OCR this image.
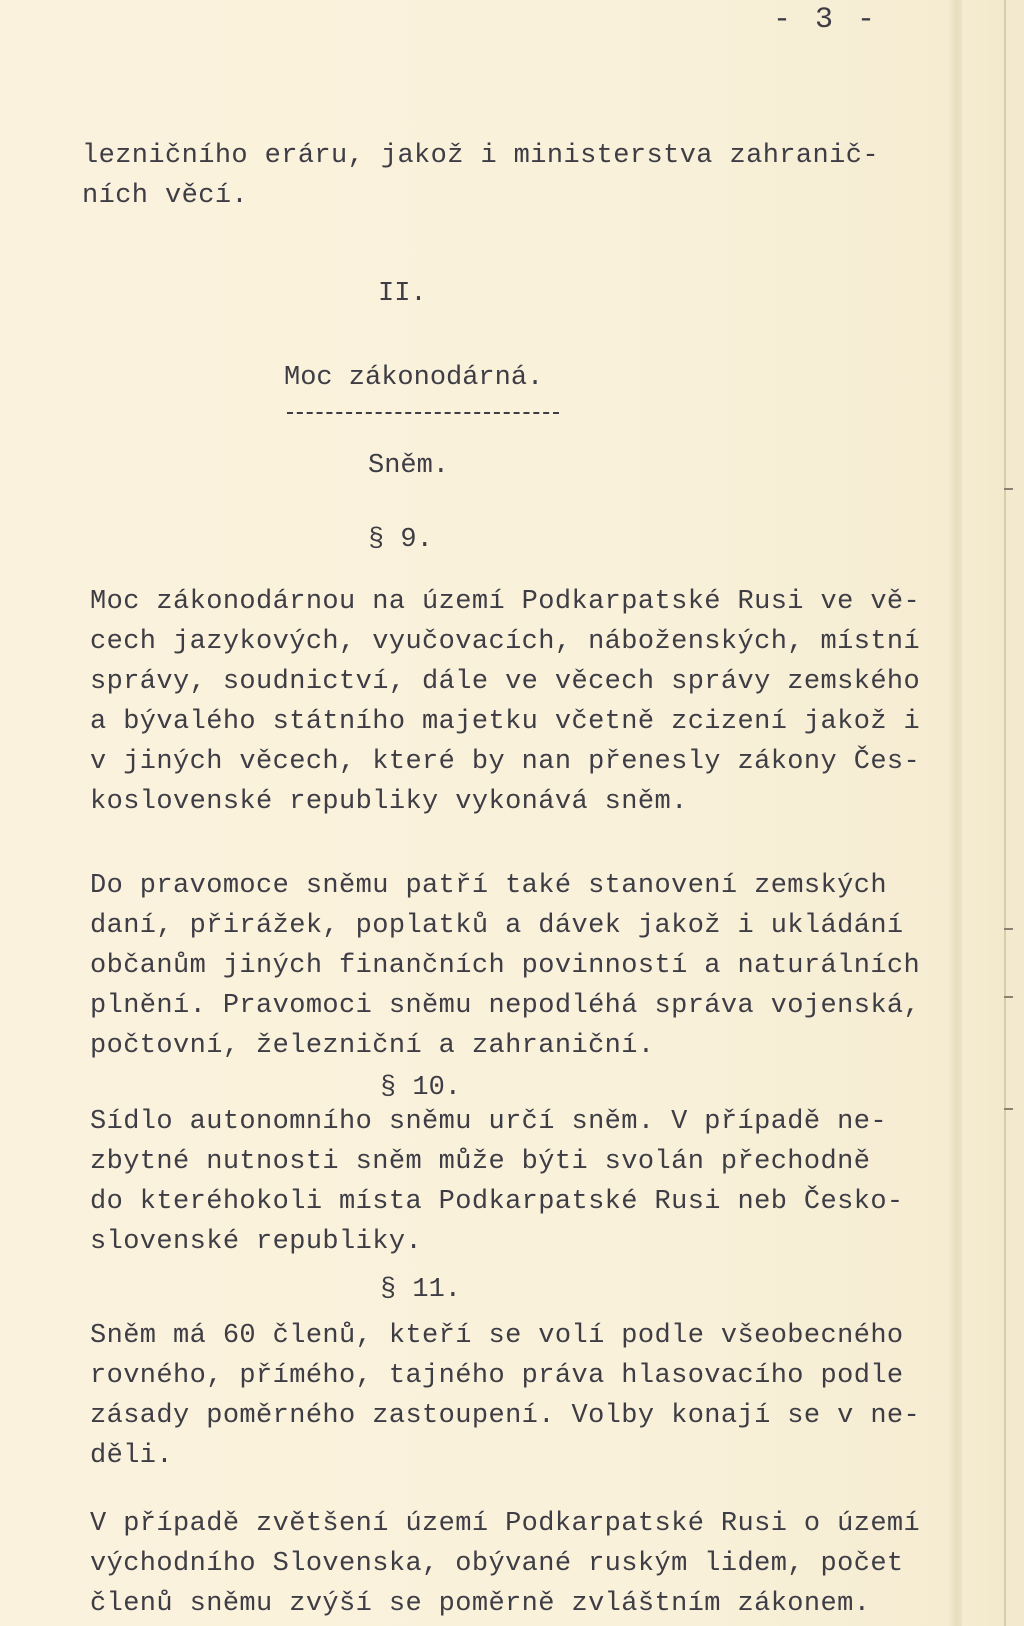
- 3 -
lezničního eráru, jakož i ministerstva zahranič-
ních věcí.
II.
Moc zákonodárná.
Sněm.
§ 9.
Moc zákonodárnou na území Podkarpatské Rusi ve vě-
cech jazykových, vyučovacích, náboženských, místní
správy, soudnictví, dále ve věcech správy zemského
a bývalého státního majetku včetně zcizení jakož i
v jiných věcech, které by nan přenesly zákony Čes-
koslovenské republiky vykonává sněm.
Do pravomoce sněmu patří také stanovení zemských
daní, přirážek, poplatků a dávek jakož i ukládání
občanům jiných finančních povinností a naturálních
plnění. Pravomoci sněmu nepodléhá správa vojenská,
počtovní, železniční a zahraniční.
§ 10.
Sídlo autonomního sněmu určí sněm. V případě ne-
zbytné nutnosti sněm může býti svolán přechodně
do kteréhokoli místa Podkarpatské Rusi neb Česko-
slovenské republiky.
§ 11.
Sněm má 60 členů, kteří se volí podle všeobecného
rovného, přímého, tajného práva hlasovacího podle
zásady poměrného zastoupení. Volby konají se v ne-
děli.
V případě zvětšení území Podkarpatské Rusi o území
východního Slovenska, obývané ruským lidem, počet
členů sněmu zvýší se poměrně zvláštním zákonem.
